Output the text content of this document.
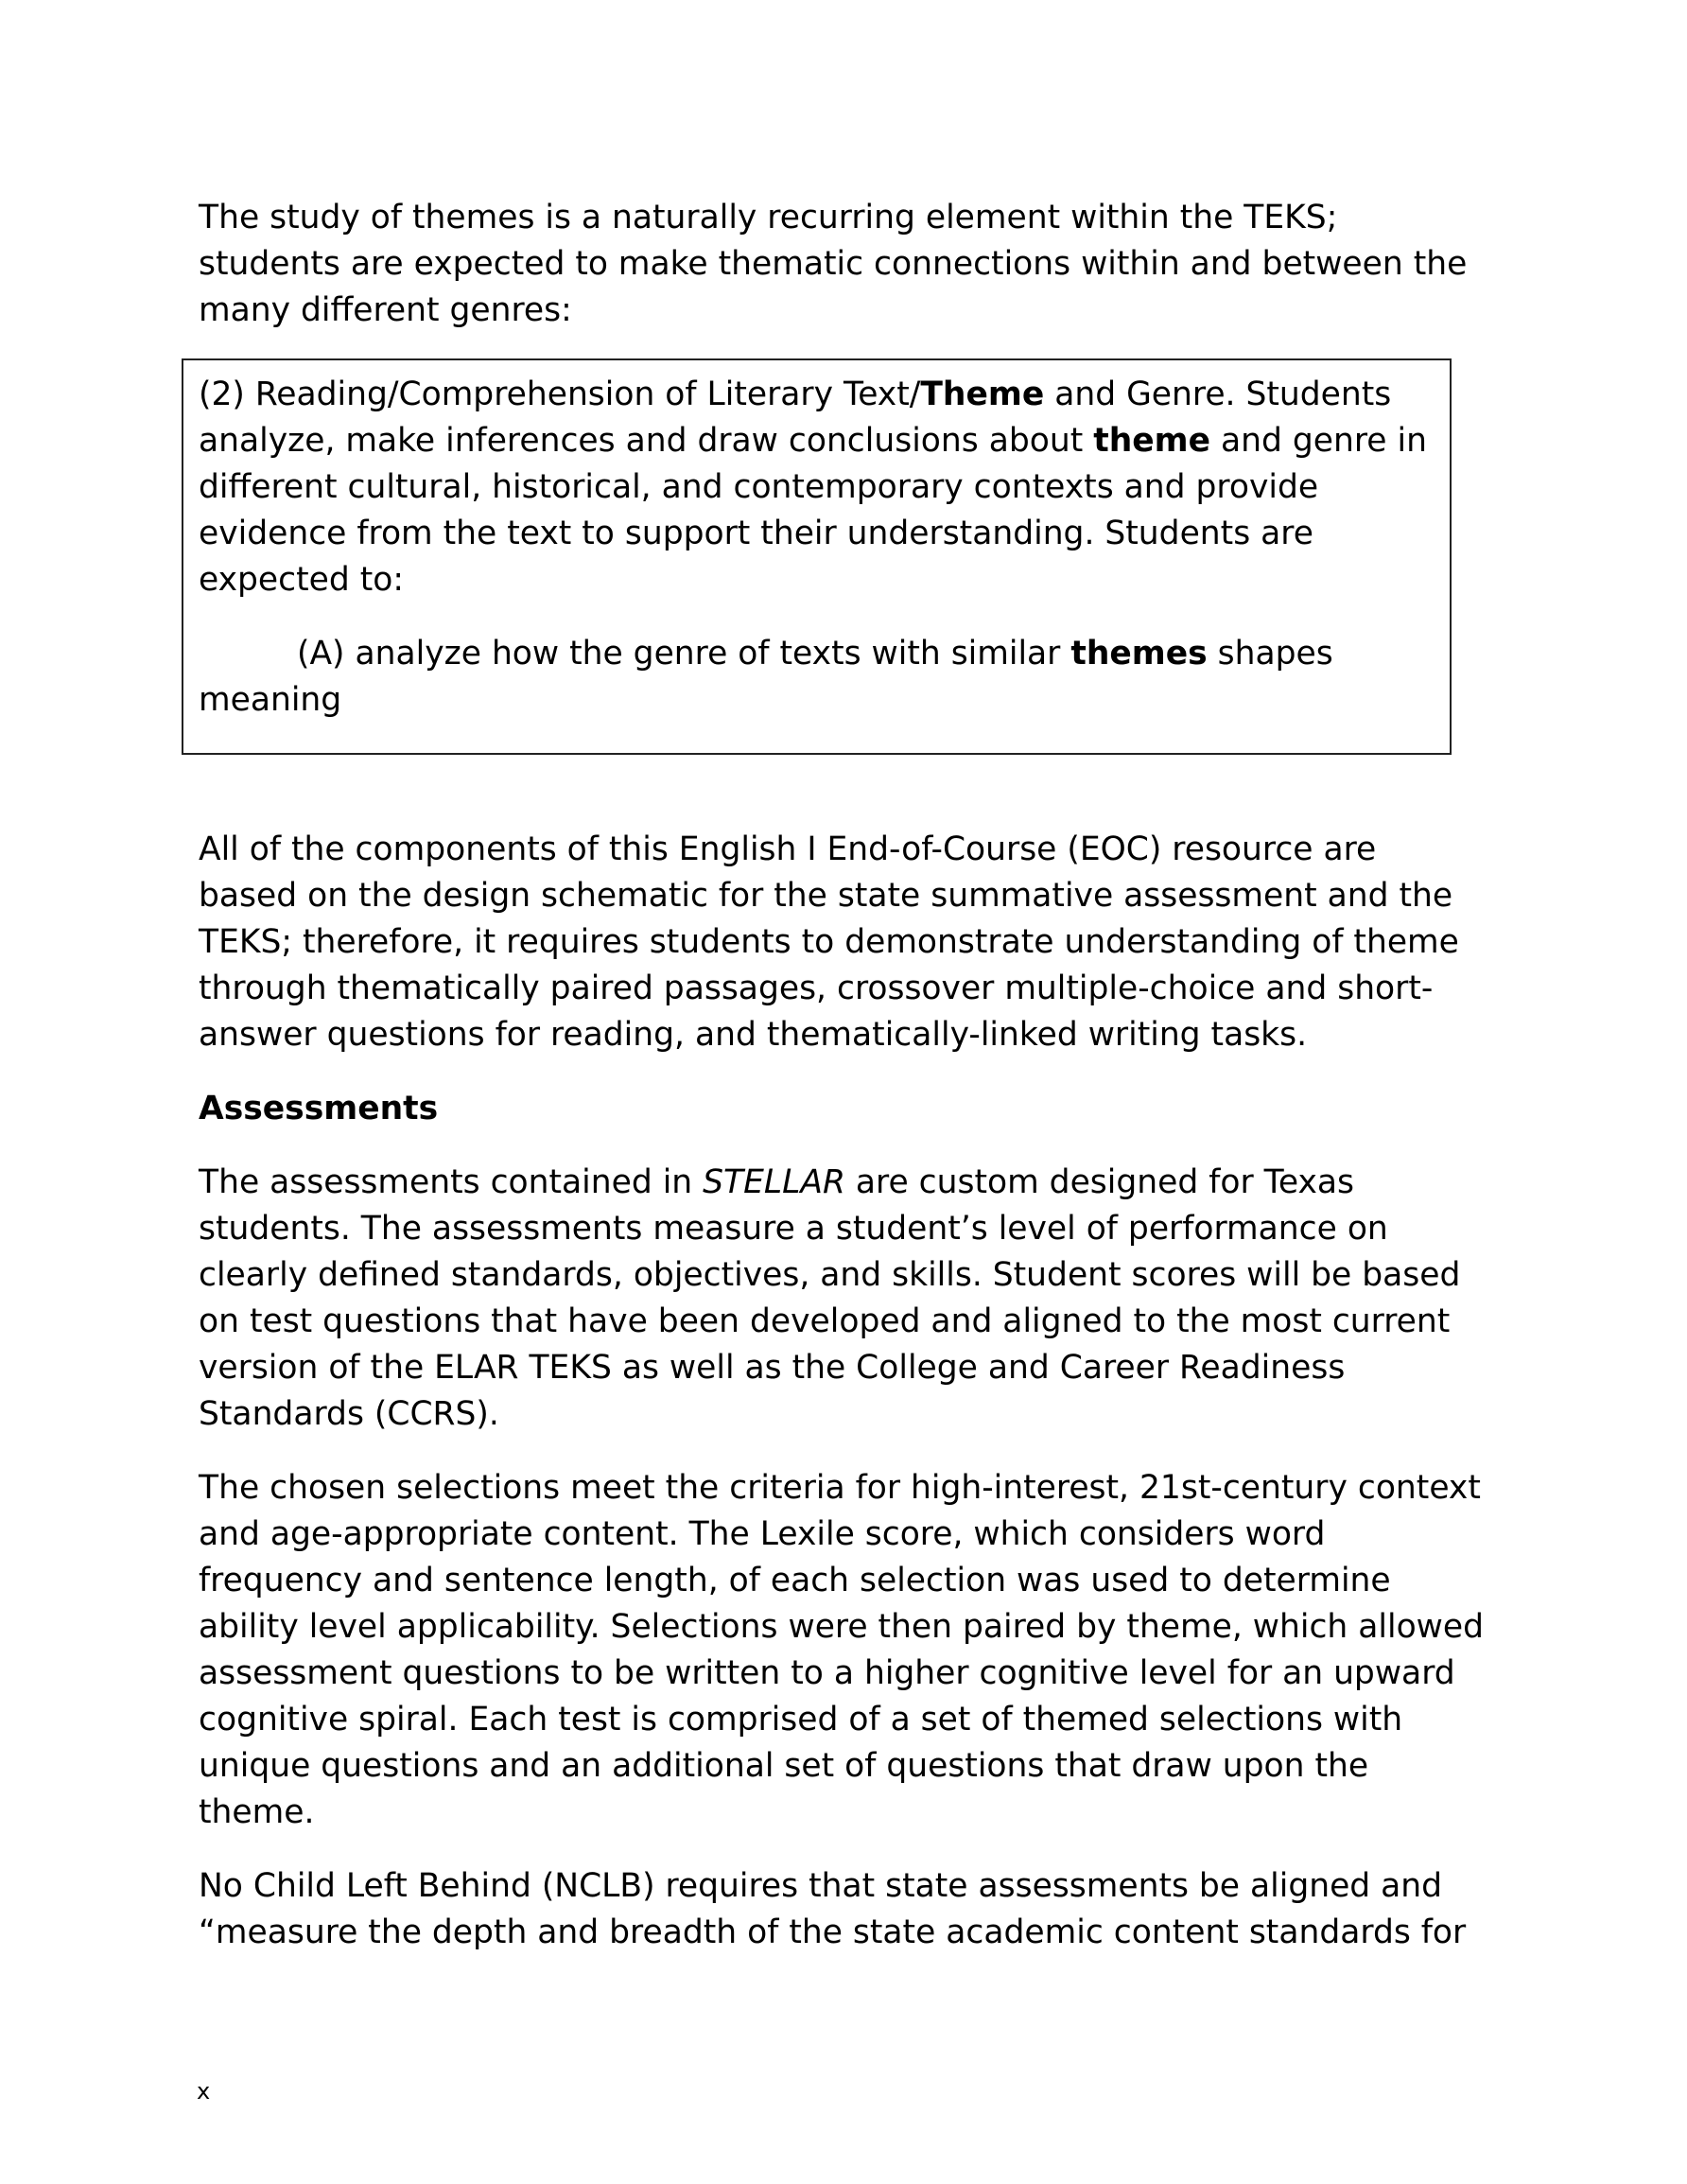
The study of themes is a naturally recurring element within the TEKS; students are expected to make thematic connections within and between the many different genres:

(2) Reading/Comprehension of Literary Text/Theme and Genre. Students analyze, make inferences and draw conclusions about theme and genre in different cultural, historical, and contemporary contexts and provide evidence from the text to support their understanding. Students are expected to:

(A) analyze how the genre of texts with similar themes shapes meaning

All of the components of this English I End-of-Course (EOC) resource are based on the design schematic for the state summative assessment and the TEKS; therefore, it requires students to demonstrate understanding of theme through thematically paired passages, crossover multiple-choice and short-answer questions for reading, and thematically-linked writing tasks.

Assessments

The assessments contained in STELLAR are custom designed for Texas students. The assessments measure a student’s level of performance on clearly defined standards, objectives, and skills. Student scores will be based on test questions that have been developed and aligned to the most current version of the ELAR TEKS as well as the College and Career Readiness Standards (CCRS).

The chosen selections meet the criteria for high-interest, 21st-century context and age-appropriate content. The Lexile score, which considers word frequency and sentence length, of each selection was used to determine ability level applicability. Selections were then paired by theme, which allowed assessment questions to be written to a higher cognitive level for an upward cognitive spiral. Each test is comprised of a set of themed selections with unique questions and an additional set of questions that draw upon the theme.

No Child Left Behind (NCLB) requires that state assessments be aligned and “measure the depth and breadth of the state academic content standards for

x
